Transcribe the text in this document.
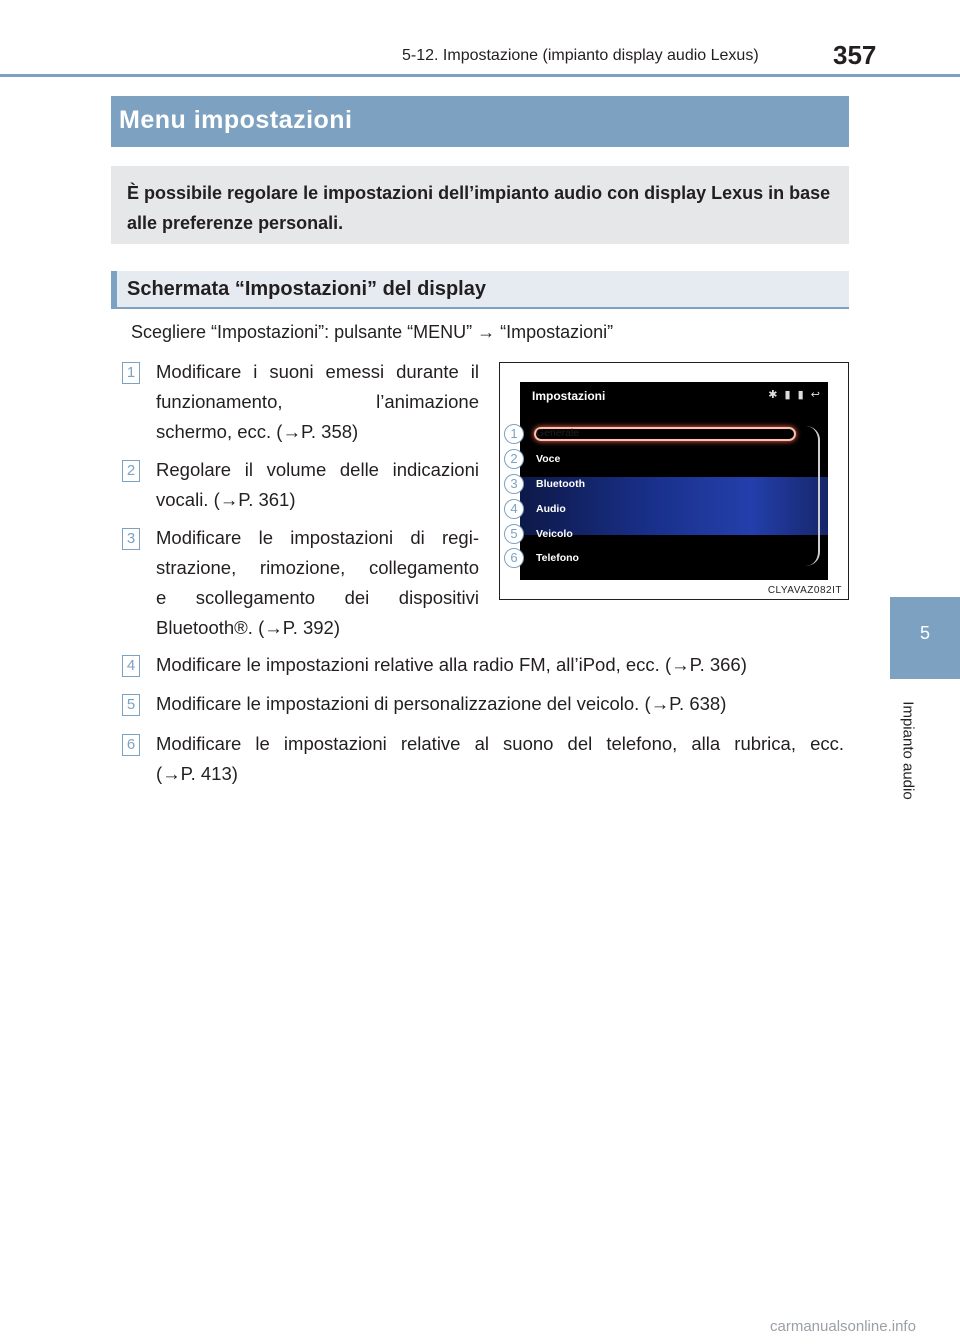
5-12. Impostazione (impianto display audio Lexus)	357
5
Impianto audio
Menu impostazioni

È possibile regolare le impostazioni dell’impianto audio con display Lexus in base alle preferenze personali.

Schermata “Impostazioni” del display
Scegliere “Impostazioni”: pulsante “MENU” → “Impostazioni”
1 Modificare i suoni emessi durante il
funzionamento, l’animazione
schermo, ecc. (→P. 358)
2 Regolare il volume delle indicazioni
vocali. (→P. 361)
3 Modificare le impostazioni di regi-
strazione, rimozione, collegamento
e scollegamento dei dispositivi
Bluetooth®. (→P. 392)
4 Modificare le impostazioni relative alla radio FM, all’iPod, ecc. (→P. 366)
5 Modificare le impostazioni di personalizzazione del veicolo. (→P. 638)
6 Modificare le impostazioni relative al suono del telefono, alla rubrica, ecc.
(→P. 413)
Impostazioni	✱ ▮ ▮ ↩
Generale
Voce
Bluetooth
Audio
Veicolo
Telefono
1
2
3
4
5
6
CLYAVAZ082IT
carmanualsonline.info
